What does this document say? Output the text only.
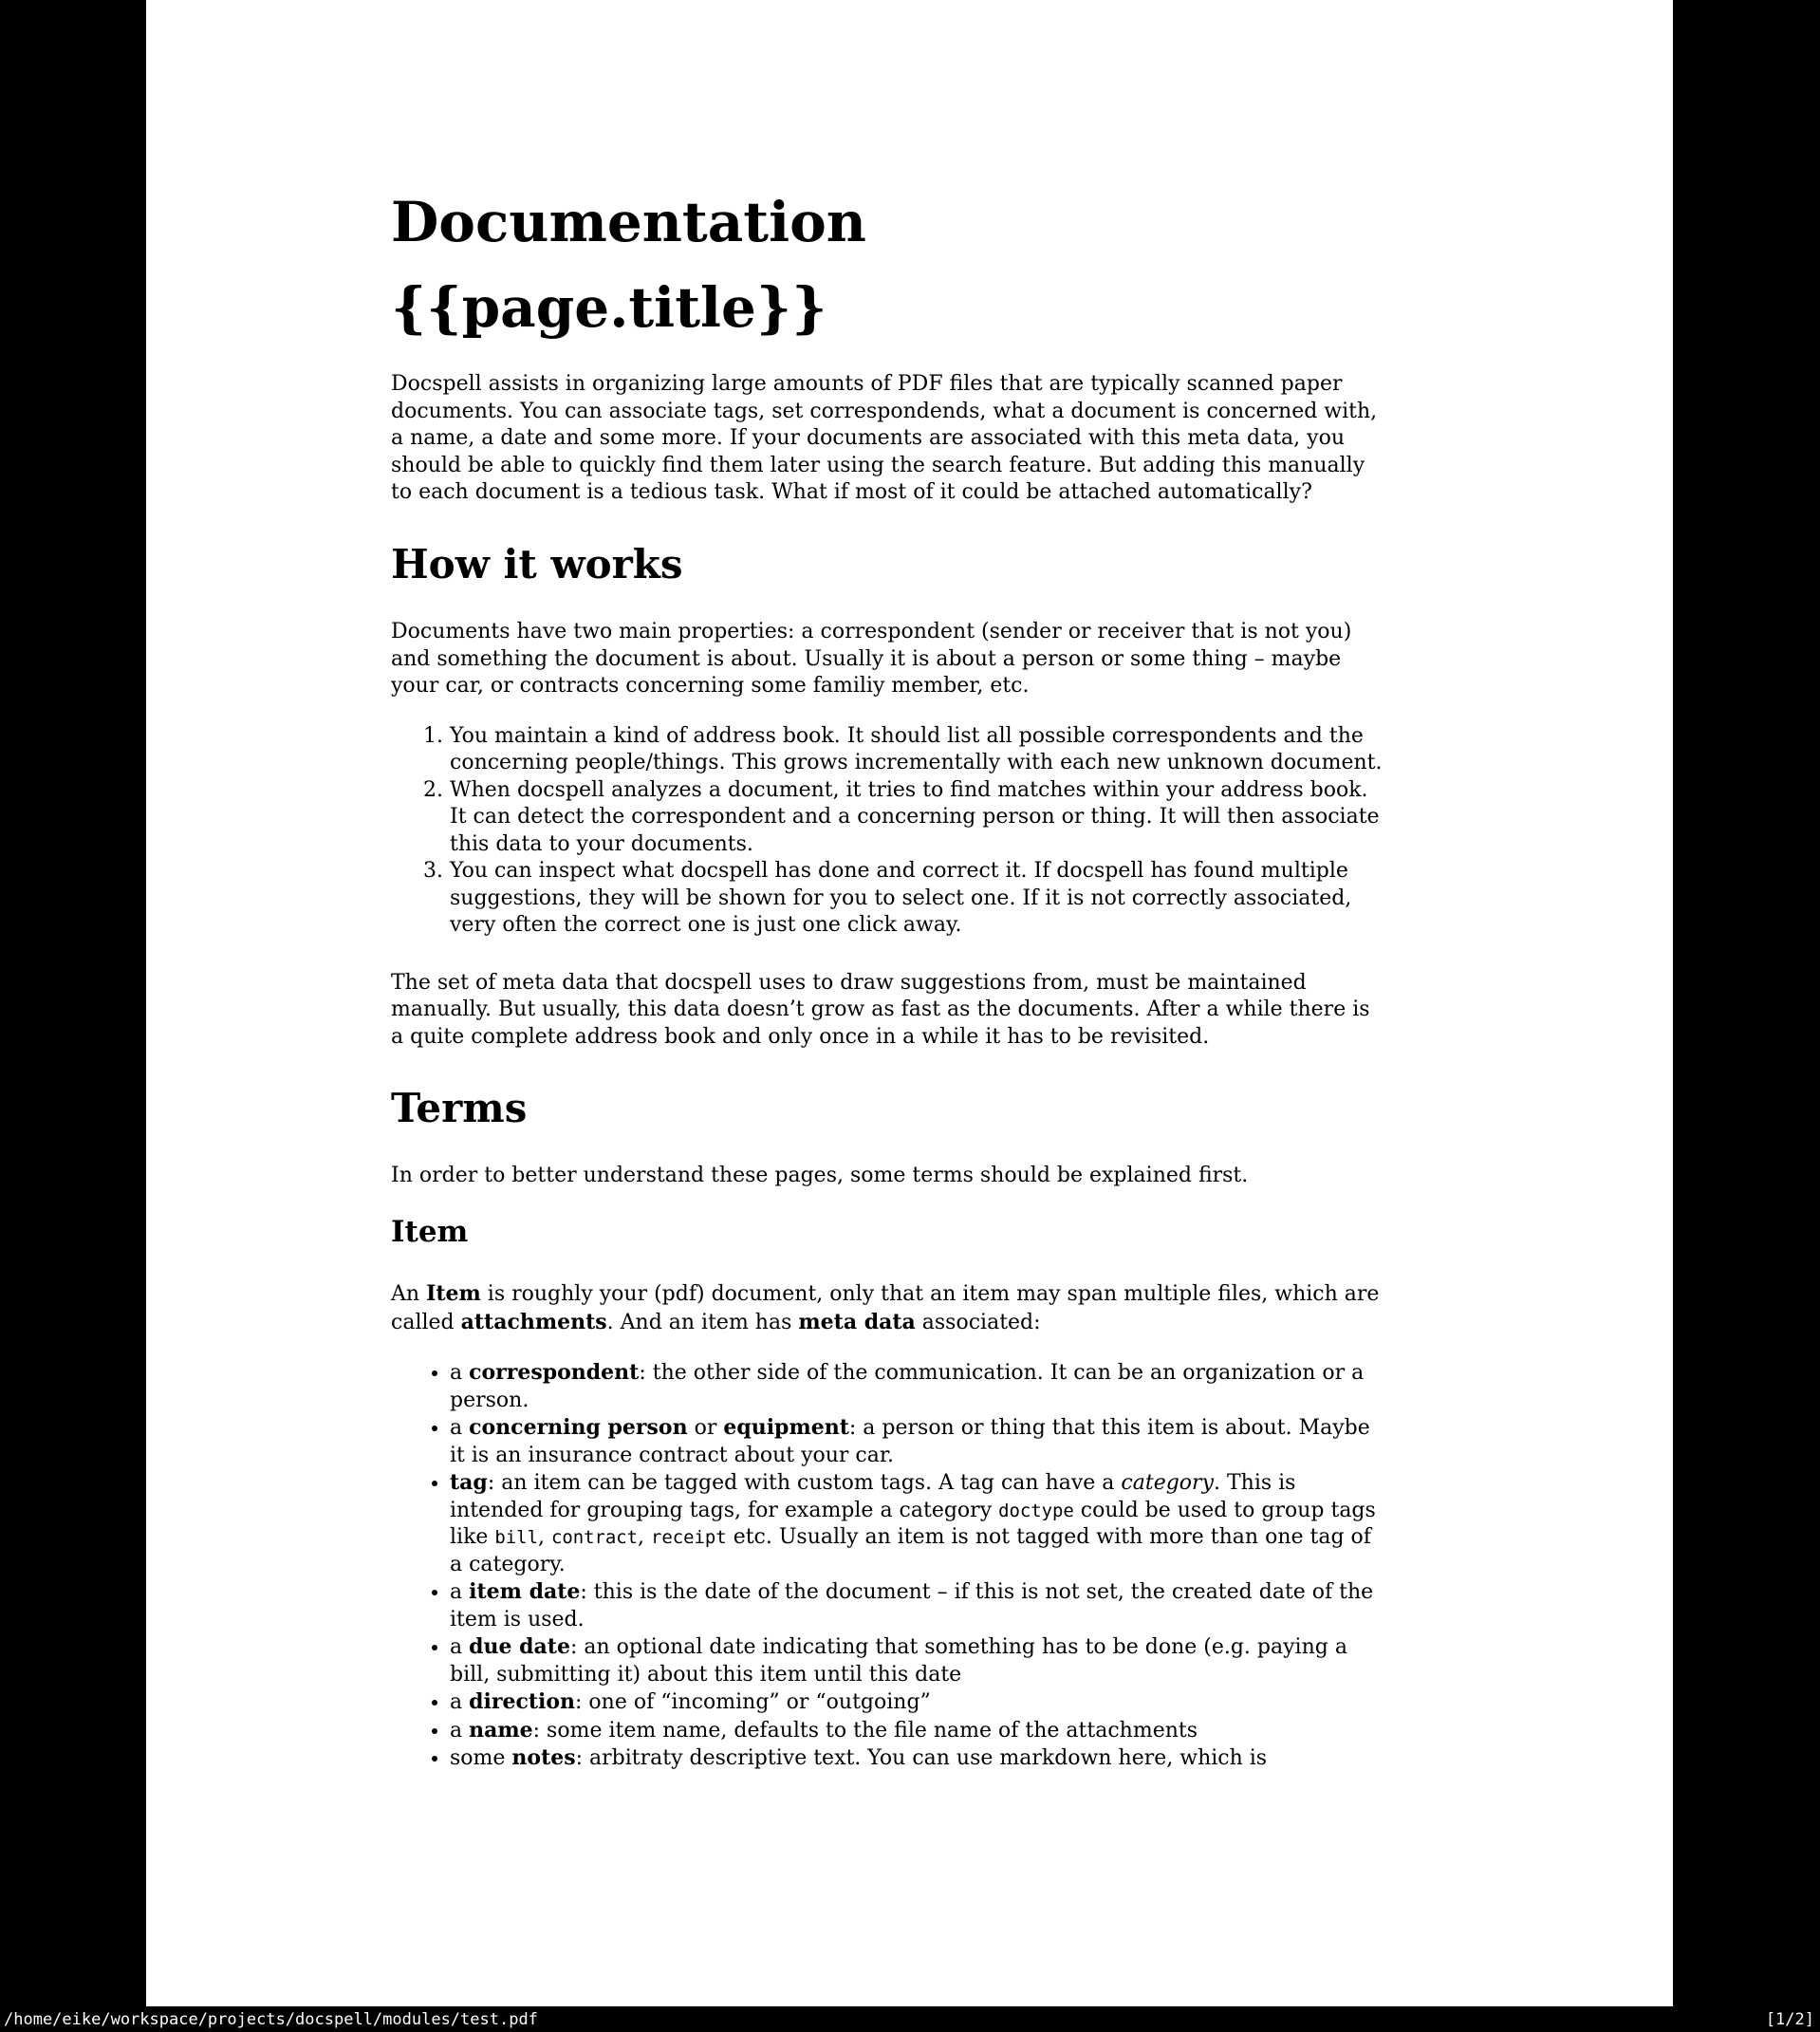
Documentation
{{page.title}}

Docspell assists in organizing large amounts of PDF files that are typically scanned paper documents. You can associate tags, set correspondends, what a document is concerned with, a name, a date and some more. If your documents are associated with this meta data, you should be able to quickly find them later using the search feature. But adding this manually to each document is a tedious task. What if most of it could be attached automatically?

How it works

Documents have two main properties: a correspondent (sender or receiver that is not you) and something the document is about. Usually it is about a person or some thing – maybe your car, or contracts concerning some familiy member, etc.

1. You maintain a kind of address book. It should list all possible correspondents and the concerning people/things. This grows incrementally with each new unknown document.
2. When docspell analyzes a document, it tries to find matches within your address book. It can detect the correspondent and a concerning person or thing. It will then associate this data to your documents.
3. You can inspect what docspell has done and correct it. If docspell has found multiple suggestions, they will be shown for you to select one. If it is not correctly associated, very often the correct one is just one click away.

The set of meta data that docspell uses to draw suggestions from, must be maintained manually. But usually, this data doesn’t grow as fast as the documents. After a while there is a quite complete address book and only once in a while it has to be revisited.

Terms

In order to better understand these pages, some terms should be explained first.

Item

An Item is roughly your (pdf) document, only that an item may span multiple files, which are called attachments. And an item has meta data associated:

• a correspondent: the other side of the communication. It can be an organization or a person.
• a concerning person or equipment: a person or thing that this item is about. Maybe it is an insurance contract about your car.
• tag: an item can be tagged with custom tags. A tag can have a category. This is intended for grouping tags, for example a category doctype could be used to group tags like bill, contract, receipt etc. Usually an item is not tagged with more than one tag of a category.
• a item date: this is the date of the document – if this is not set, the created date of the item is used.
• a due date: an optional date indicating that something has to be done (e.g. paying a bill, submitting it) about this item until this date
• a direction: one of “incoming” or “outgoing”
• a name: some item name, defaults to the file name of the attachments
• some notes: arbitraty descriptive text. You can use markdown here, which is
/home/eike/workspace/projects/docspell/modules/test.pdf	[1/2]
